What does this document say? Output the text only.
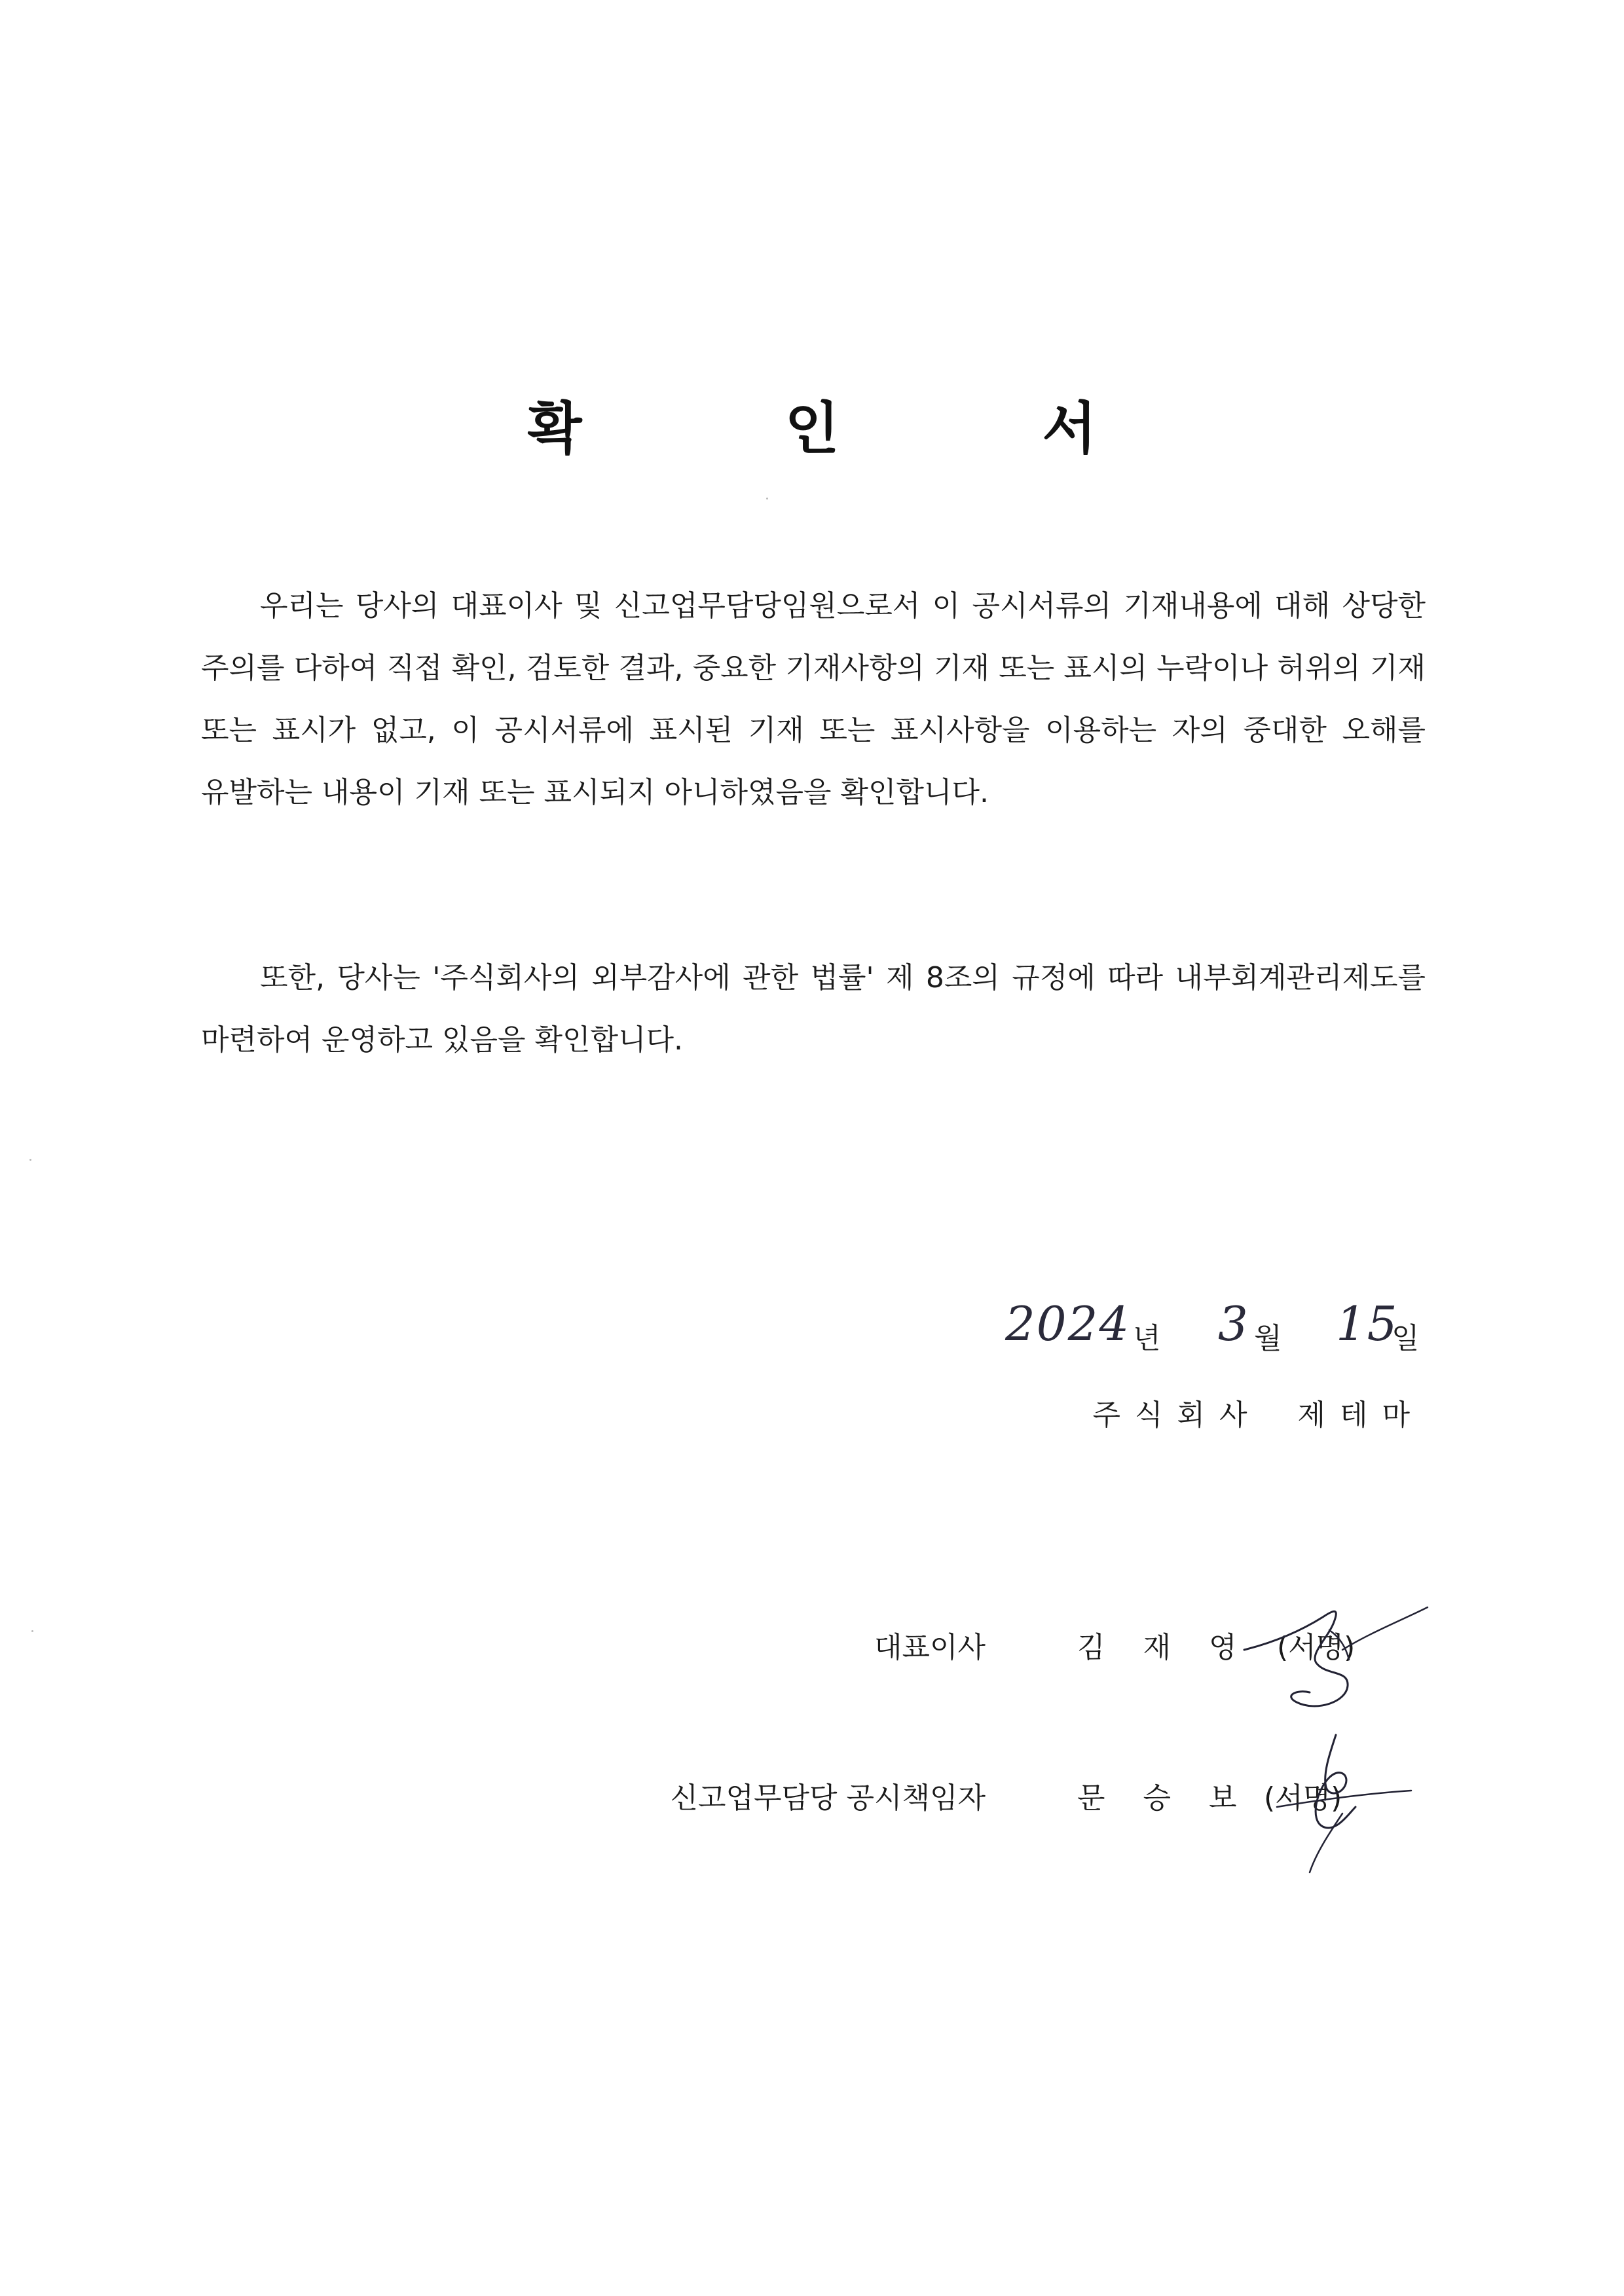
확 인 서
우리는 당사의 대표이사 및 신고업무담당임원으로서 이 공시서류의 기재내용에 대해 상당한 주의를 다하여 직접 확인, 검토한 결과, 중요한 기재사항의 기재 또는 표시의 누락이나 허위의 기재 또는 표시가 없고, 이 공시서류에 표시된 기재 또는 표시사항을 이용하는 자의 중대한 오해를 유발하는 내용이 기재 또는 표시되지 아니하였음을 확인합니다.
또한, 당사는 '주식회사의 외부감사에 관한 법률' 제 8조의 규정에 따라 내부회계관리제도를 마련하여 운영하고 있음을 확인합니다.
2024 년 3 월 15
일
주식회사 제테마
대표이사	김 재 영 (서명)
신고업무담당 공시책임자	문 승 보 (서명)
